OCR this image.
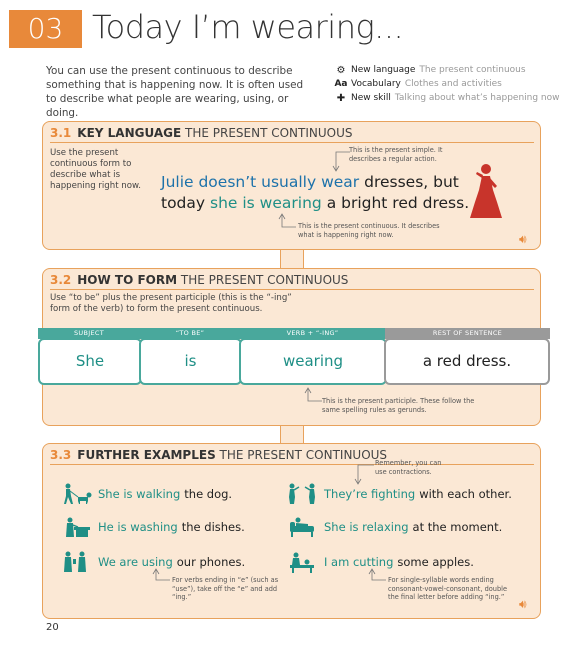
03 Today I’m wearing...
You can use the present continuous to describe something that is happening now. It is often used to describe what people are wearing, using, or doing.
⚙ New language The present continuous
Aa Vocabulary Clothes and activities
✚ New skill Talking about what’s happening now
3.1 KEY LANGUAGE THE PRESENT CONTINUOUS
Use the present continuous form to describe what is happening right now.
This is the present simple. It describes a regular action.
Julie doesn’t usually wear dresses, but
today she is wearing a bright red dress.
This is the present continuous. It describes what is happening right now.	🔊︎
3.2 HOW TO FORM THE PRESENT CONTINUOUS
Use “to be” plus the present participle (this is the “-ing” form of the verb) to form the present continuous.
SUBJECT	“TO BE”	VERB + “-ING”	REST OF SENTENCE
She	is	wearing	a red dress.
This is the present participle. These follow the same spelling rules as gerunds.
3.3 FURTHER EXAMPLES THE PRESENT CONTINUOUS
Remember, you can use contractions.
She is walking the dog.	They’re fighting with each other.
He is washing the dishes.	She is relaxing at the moment.
We are using our phones.	I am cutting some apples.
For verbs ending in “e” (such as “use”), take off the “e” and add “ing.”
For single-syllable words ending consonant-vowel-consonant, double the final letter before adding “ing.”	🔊︎
20
